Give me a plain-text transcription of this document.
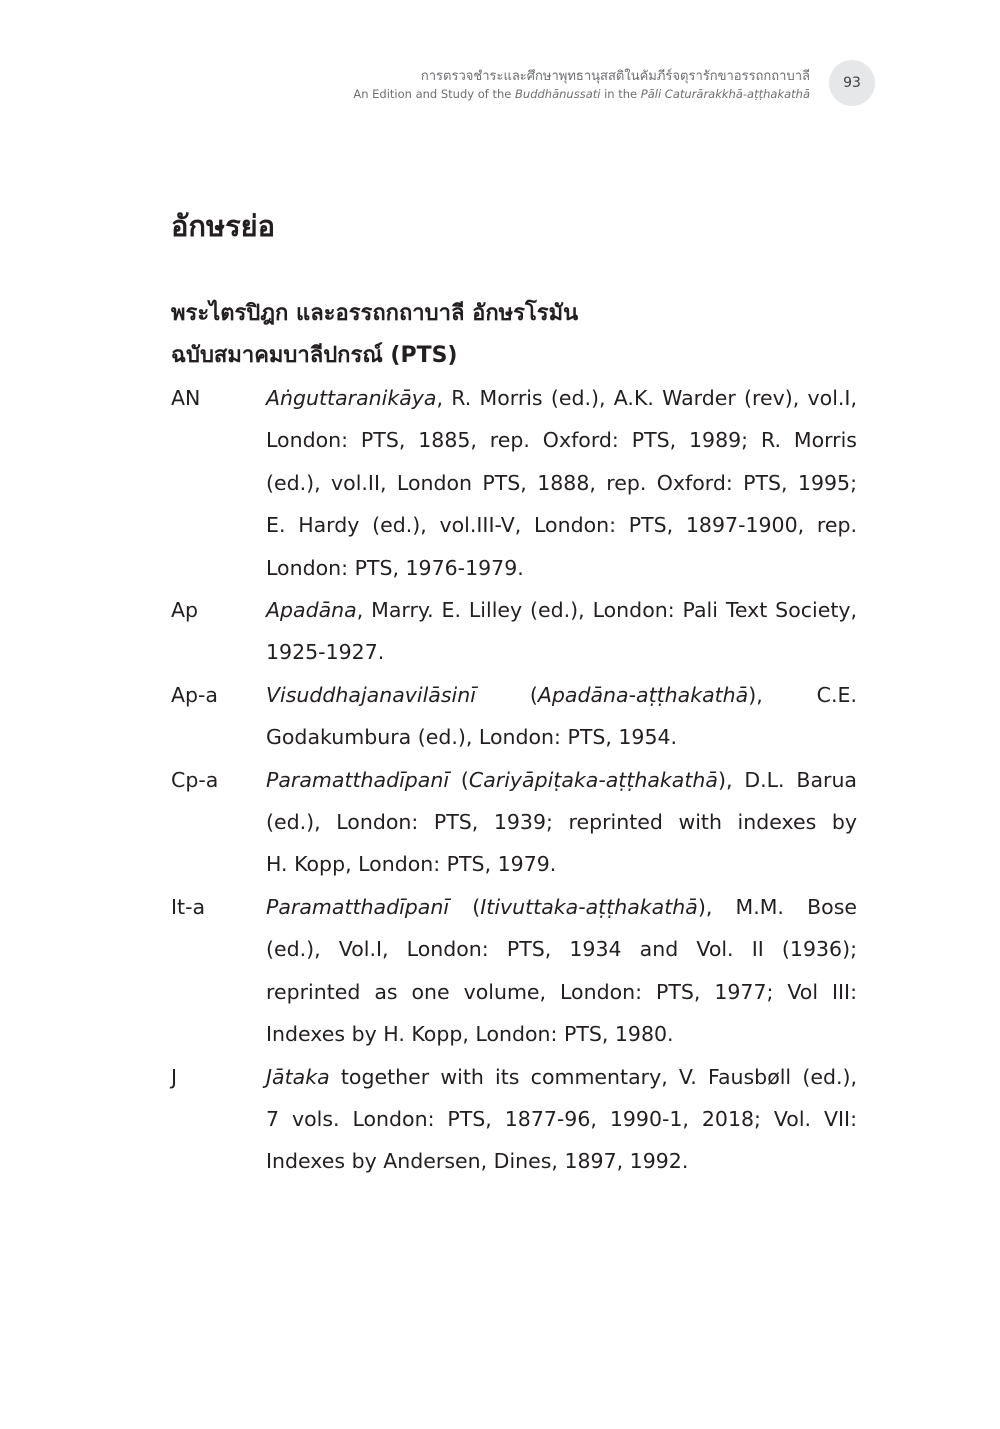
การตรวจชำระและศึกษาพุทธานุสสติในคัมภีร์จตุรารักขาอรรถกถาบาลี
An Edition and Study of the Buddhānussati in the Pāli Caturārakkhā-aṭṭhakathā
93
อักษรย่อ
พระไตรปิฎก และอรรถกถาบาลี อักษรโรมัน
ฉบับสมาคมบาลีปกรณ์ (PTS)
AN	Aṅguttaranikāya, R. Morris (ed.), A.K. Warder (rev), vol.I,
London: PTS, 1885, rep. Oxford: PTS, 1989; R. Morris
(ed.), vol.II, London PTS, 1888, rep. Oxford: PTS, 1995;
E. Hardy (ed.), vol.III-V, London: PTS, 1897-1900, rep.
London: PTS, 1976-1979.
Ap	Apadāna, Marry. E. Lilley (ed.), London: Pali Text Society,
1925-1927.
Ap-a Visuddhajanavilāsinī (Apadāna-aṭṭhakathā), C.E.
Godakumbura (ed.), London: PTS, 1954.
Cp-a Paramatthadīpanī (Cariyāpiṭaka-aṭṭhakathā), D.L. Barua
(ed.), London: PTS, 1939; reprinted with indexes by
H. Kopp, London: PTS, 1979.
It-a	Paramatthadīpanī (Itivuttaka-aṭṭhakathā), M.M. Bose
(ed.), Vol.I, London: PTS, 1934 and Vol. II (1936);
reprinted as one volume, London: PTS, 1977; Vol III:
Indexes by H. Kopp, London: PTS, 1980.
J	Jātaka together with its commentary, V. Fausbøll (ed.),
7 vols. London: PTS, 1877-96, 1990-1, 2018; Vol. VII:
Indexes by Andersen, Dines, 1897, 1992.
